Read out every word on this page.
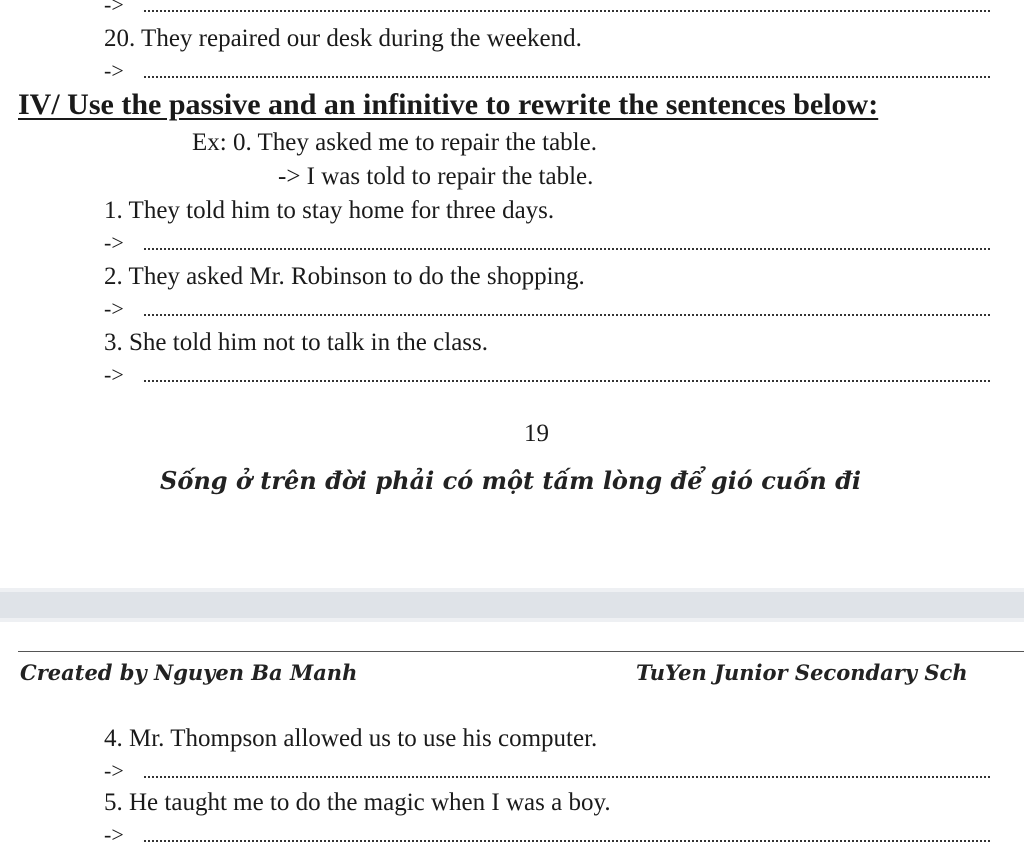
->
20. They repaired our desk during the weekend.
->
IV/ Use the passive and an infinitive to rewrite the sentences below:
Ex: 0. They asked me to repair the table.
-> I was told to repair the table.
1. They told him to stay home for three days.
->
2. They asked Mr. Robinson to do the shopping.
->
3. She told him not to talk in the class.
->
19
Sống ở trên đời phải có một tấm lòng để gió cuốn đi
Created by Nguyen Ba Manh	TuYen Junior Secondary Sch
4. Mr. Thompson allowed us to use his computer.
->
5. He taught me to do the magic when I was a boy.
->
